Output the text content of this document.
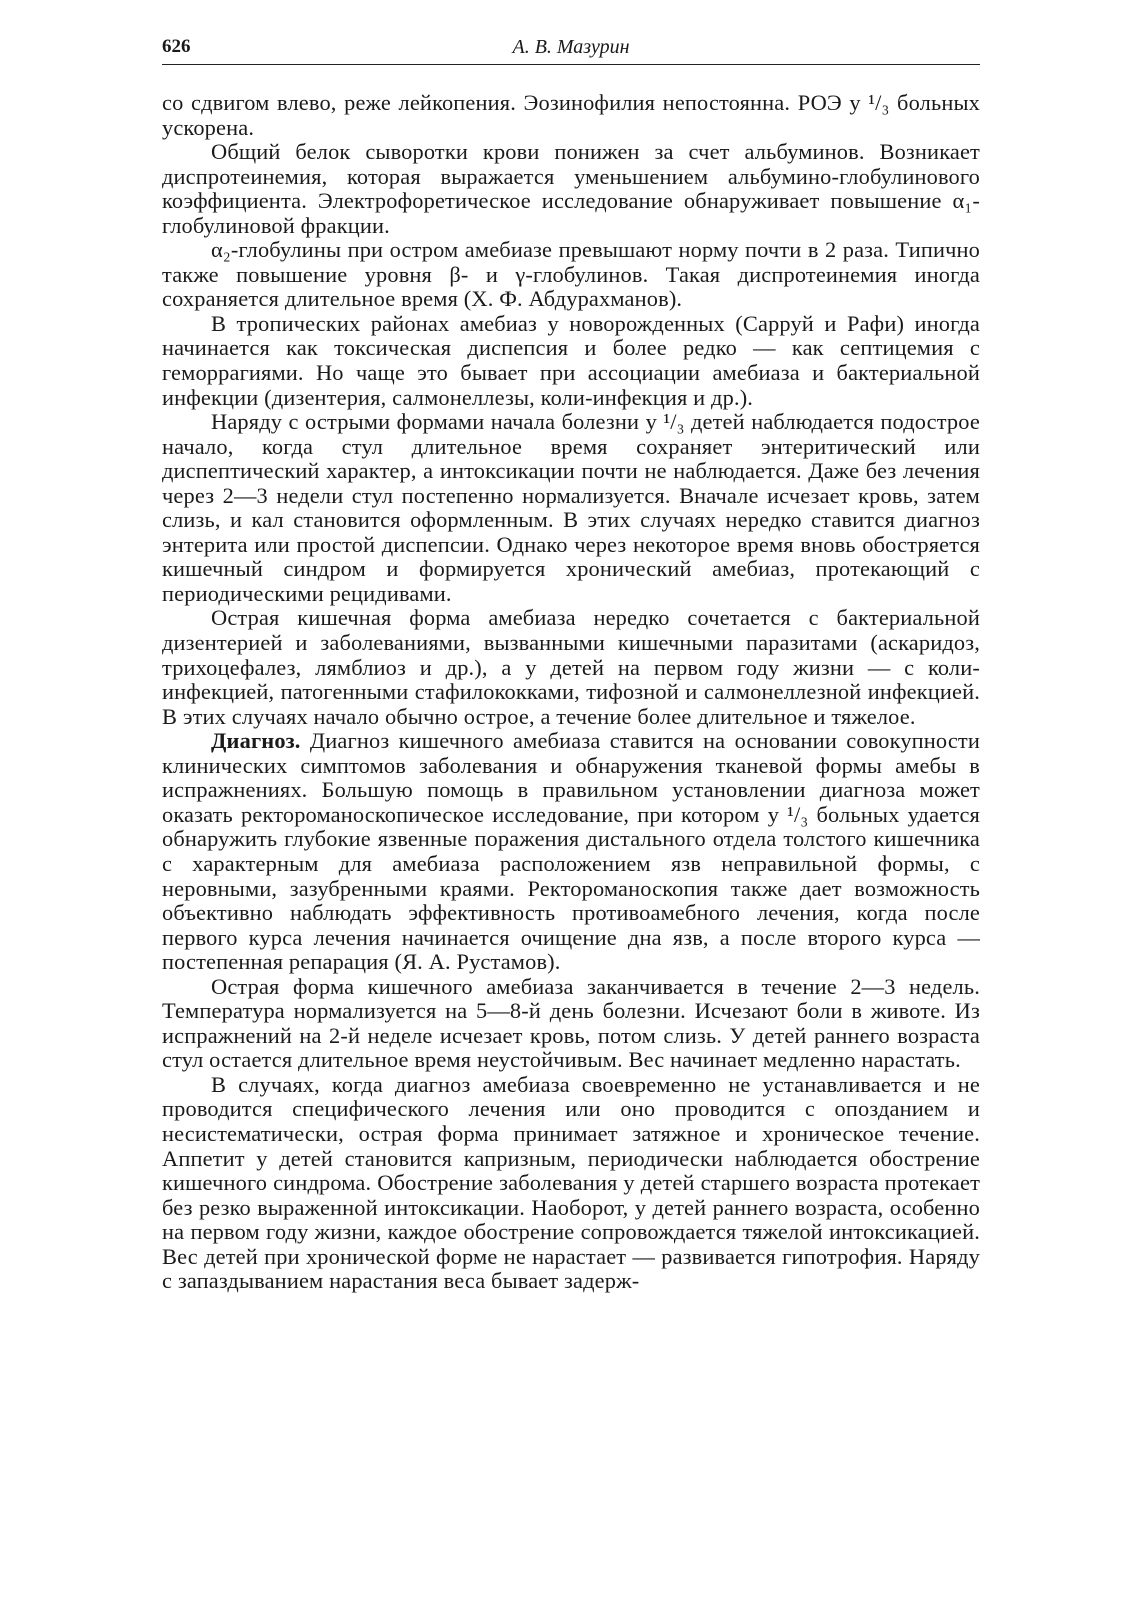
626	А. В. Мазурин

со сдвигом влево, реже лейкопения. Эозинофилия непостоянна. РОЭ у ¹/₃ больных ускорена.

Общий белок сыворотки крови понижен за счет альбуминов. Возникает диспротеинемия, которая выражается уменьшением альбумино-глобулинового коэффициента. Электрофоретическое исследование обнаруживает повышение α₁-глобулиновой фракции.

α₂-глобулины при остром амебиазе превышают норму почти в 2 раза. Типично также повышение уровня β- и γ-глобулинов. Такая диспротеинемия иногда сохраняется длительное время (Х. Ф. Абдурахманов).

В тропических районах амебиаз у новорожденных (Сарруй и Рафи) иногда начинается как токсическая диспепсия и более редко — как септицемия с геморрагиями. Но чаще это бывает при ассоциации амебиаза и бактериальной инфекции (дизентерия, салмонеллезы, коли-инфекция и др.).

Наряду с острыми формами начала болезни у ¹/₃ детей наблюдается подострое начало, когда стул длительное время сохраняет энтеритический или диспептический характер, а интоксикации почти не наблюдается. Даже без лечения через 2—3 недели стул постепенно нормализуется. Вначале исчезает кровь, затем слизь, и кал становится оформленным. В этих случаях нередко ставится диагноз энтерита или простой диспепсии. Однако через некоторое время вновь обостряется кишечный синдром и формируется хронический амебиаз, протекающий с периодическими рецидивами.

Острая кишечная форма амебиаза нередко сочетается с бактериальной дизентерией и заболеваниями, вызванными кишечными паразитами (аскаридоз, трихоцефалез, лямблиоз и др.), а у детей на первом году жизни — с коли-инфекцией, патогенными стафилококками, тифозной и салмонеллезной инфекцией. В этих случаях начало обычно острое, а течение более длительное и тяжелое.

Диагноз. Диагноз кишечного амебиаза ставится на основании совокупности клинических симптомов заболевания и обнаружения тканевой формы амебы в испражнениях. Большую помощь в правильном установлении диагноза может оказать ректороманоскопическое исследование, при котором у ¹/₃ больных удается обнаружить глубокие язвенные поражения дистального отдела толстого кишечника с характерным для амебиаза расположением язв неправильной формы, с неровными, зазубренными краями. Ректороманоскопия также дает возможность объективно наблюдать эффективность противоамебного лечения, когда после первого курса лечения начинается очищение дна язв, а после второго курса — постепенная репарация (Я. А. Рустамов).

Острая форма кишечного амебиаза заканчивается в течение 2—3 недель. Температура нормализуется на 5—8-й день болезни. Исчезают боли в животе. Из испражнений на 2-й неделе исчезает кровь, потом слизь. У детей раннего возраста стул остается длительное время неустойчивым. Вес начинает медленно нарастать.

В случаях, когда диагноз амебиаза своевременно не устанавливается и не проводится специфического лечения или оно проводится с опозданием и несистематически, острая форма принимает затяжное и хроническое течение. Аппетит у детей становится капризным, периодически наблюдается обострение кишечного синдрома. Обострение заболевания у детей старшего возраста протекает без резко выраженной интоксикации. Наоборот, у детей раннего возраста, особенно на первом году жизни, каждое обострение сопровождается тяжелой интоксикацией. Вес детей при хронической форме не нарастает — развивается гипотрофия. Наряду с запаздыванием нарастания веса бывает задерж-
